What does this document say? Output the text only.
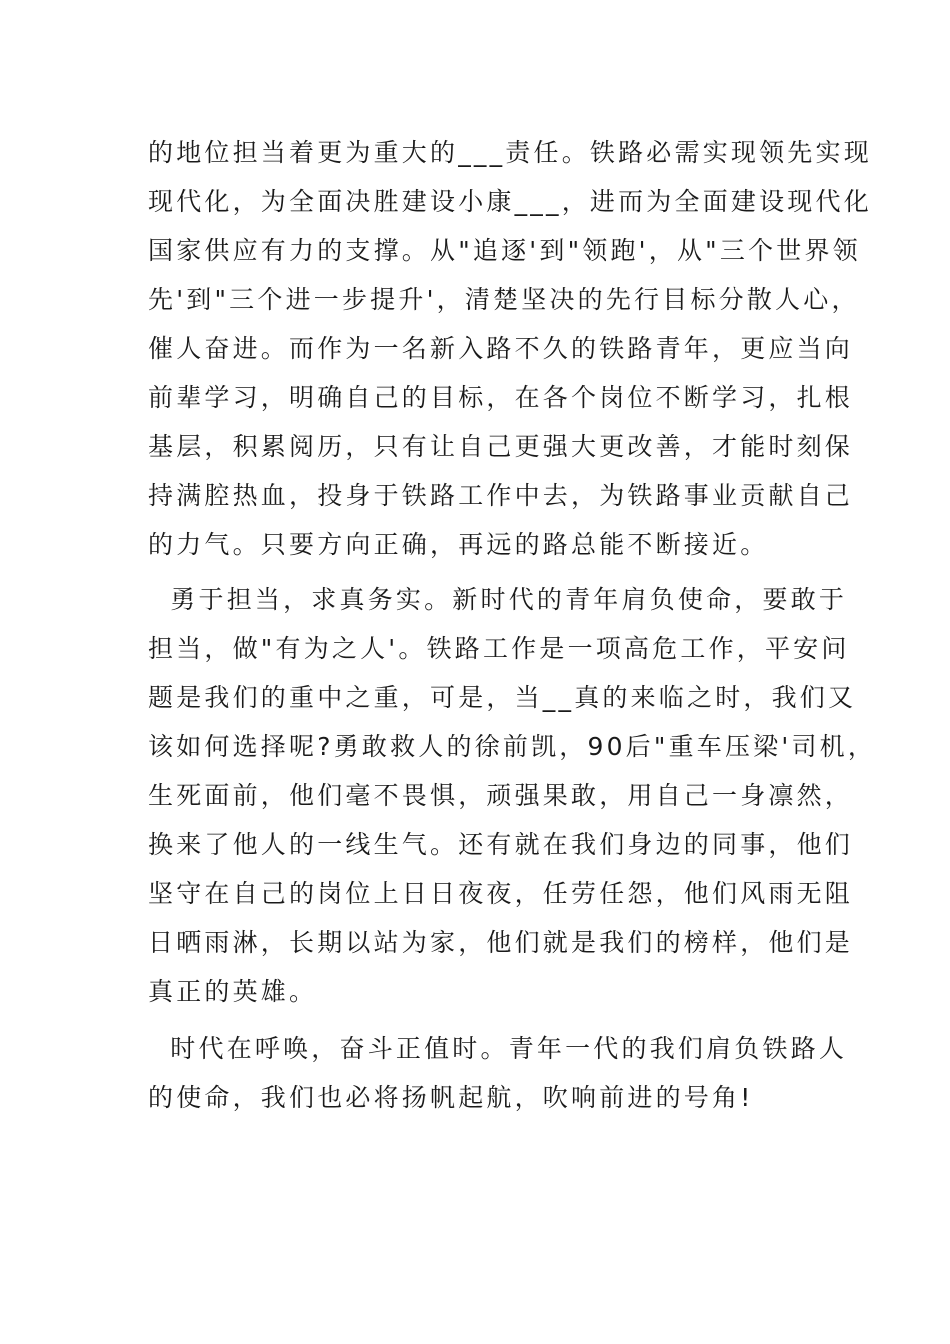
的地位担当着更为重大的___责任。铁路必需实现领先实现
现代化，为全面决胜建设小康___，进而为全面建设现代化
国家供应有力的支撑。从"追逐'到"领跑'，从"三个世界领
先'到"三个进一步提升'，清楚坚决的先行目标分散人心，
催人奋进。而作为一名新入路不久的铁路青年，更应当向
前辈学习，明确自己的目标，在各个岗位不断学习，扎根
基层，积累阅历，只有让自己更强大更改善，才能时刻保
持满腔热血，投身于铁路工作中去，为铁路事业贡献自己
的力气。只要方向正确，再远的路总能不断接近。
勇于担当，求真务实。新时代的青年肩负使命，要敢于
担当，做"有为之人'。铁路工作是一项高危工作，平安问
题是我们的重中之重，可是，当__真的来临之时，我们又
该如何选择呢?勇敢救人的徐前凯，90后"重车压梁'司机，
生死面前，他们毫不畏惧，顽强果敢，用自己一身凛然，
换来了他人的一线生气。还有就在我们身边的同事，他们
坚守在自己的岗位上日日夜夜，任劳任怨，他们风雨无阻
日晒雨淋，长期以站为家，他们就是我们的榜样，他们是
真正的英雄。
时代在呼唤，奋斗正值时。青年一代的我们肩负铁路人
的使命，我们也必将扬帆起航，吹响前进的号角!
